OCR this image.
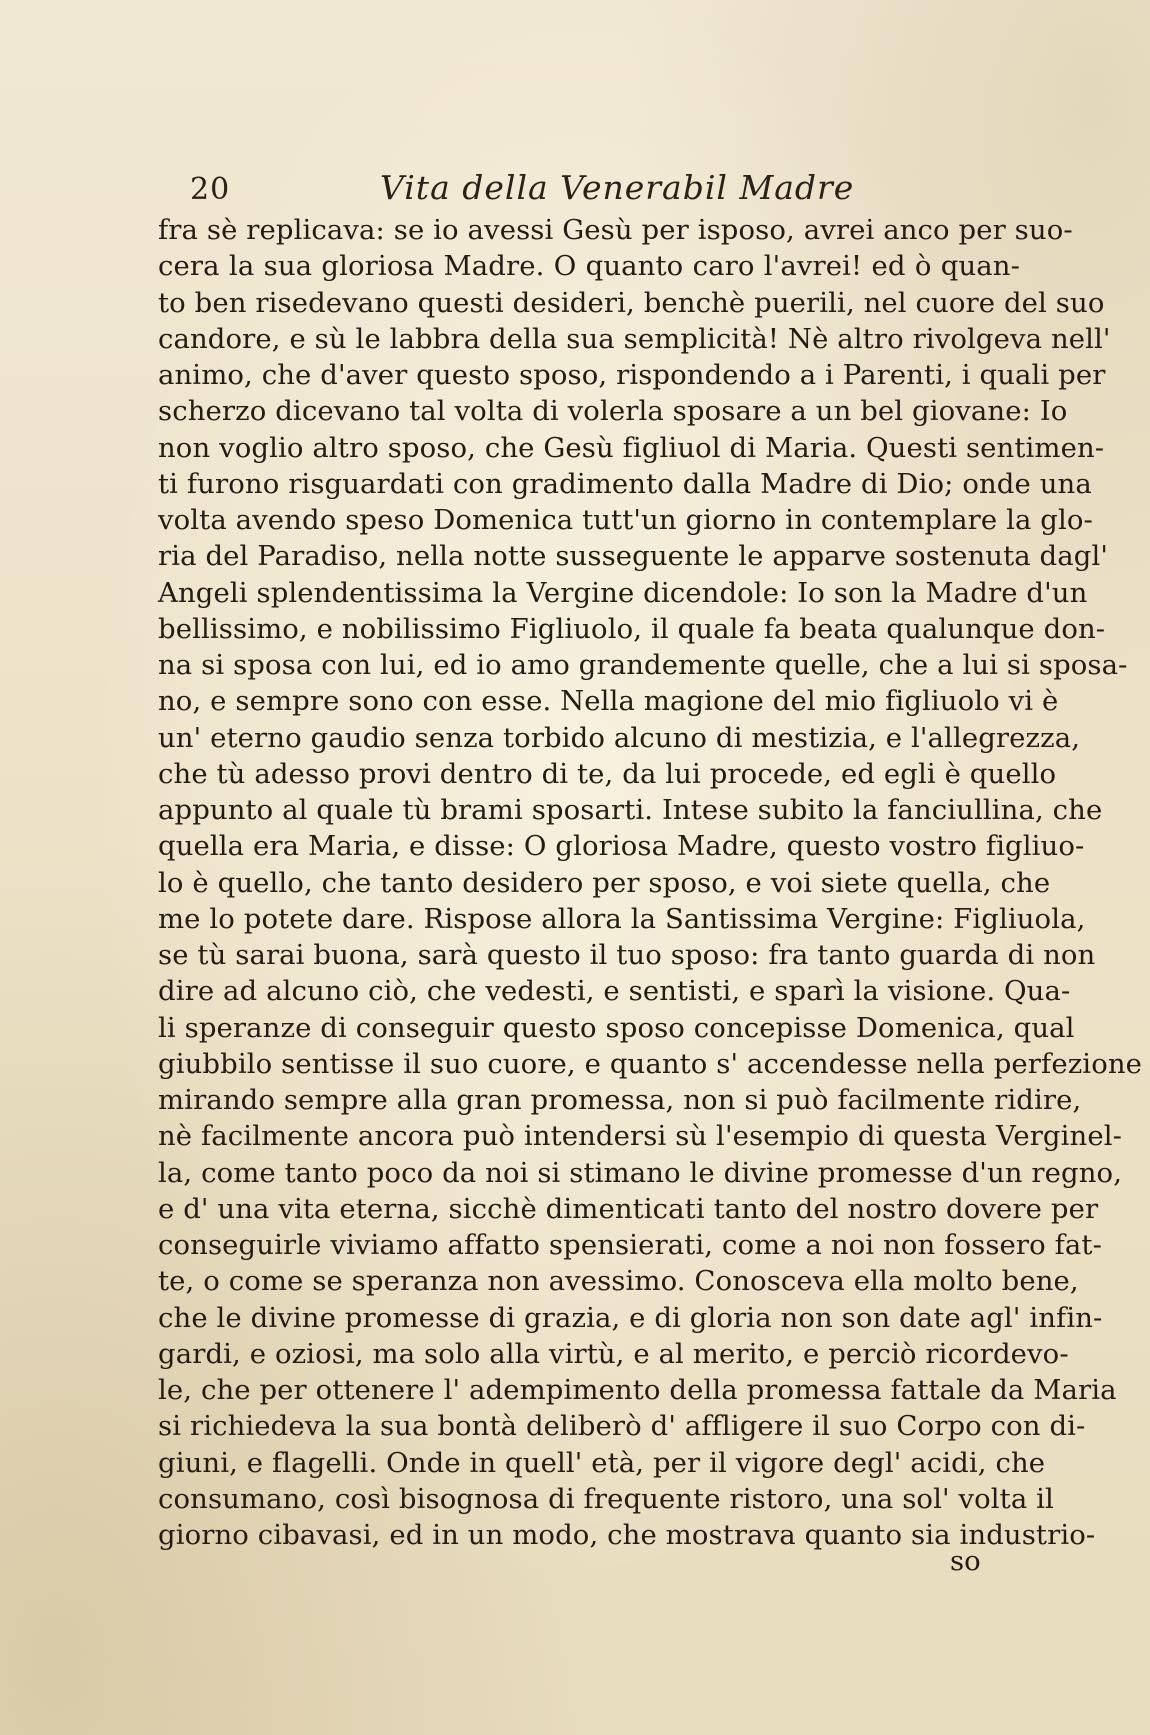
20	Vita della Venerabil Madre
fra sè replicava: se io avessi Gesù per isposo, avrei anco per suo-
cera la sua gloriosa Madre. O quanto caro l'avrei! ed ò quan-
to ben risedevano questi desideri, benchè puerili, nel cuore del suo
candore, e sù le labbra della sua semplicità! Nè altro rivolgeva nell'
animo, che d'aver questo sposo, rispondendo a i Parenti, i quali per
scherzo dicevano tal volta di volerla sposare a un bel giovane: Io
non voglio altro sposo, che Gesù figliuol di Maria. Questi sentimen-
ti furono risguardati con gradimento dalla Madre di Dio; onde una
volta avendo speso Domenica tutt'un giorno in contemplare la glo-
ria del Paradiso, nella notte susseguente le apparve sostenuta dagl'
Angeli splendentissima la Vergine dicendole: Io son la Madre d'un
bellissimo, e nobilissimo Figliuolo, il quale fa beata qualunque don-
na si sposa con lui, ed io amo grandemente quelle, che a lui si sposa-
no, e sempre sono con esse. Nella magione del mio figliuolo vi è
un' eterno gaudio senza torbido alcuno di mestizia, e l'allegrezza,
che tù adesso provi dentro di te, da lui procede, ed egli è quello
appunto al quale tù brami sposarti. Intese subito la fanciullina, che
quella era Maria, e disse: O gloriosa Madre, questo vostro figliuo-
lo è quello, che tanto desidero per sposo, e voi siete quella, che
me lo potete dare. Rispose allora la Santissima Vergine: Figliuola,
se tù sarai buona, sarà questo il tuo sposo: fra tanto guarda di non
dire ad alcuno ciò, che vedesti, e sentisti, e sparì la visione. Qua-
li speranze di conseguir questo sposo concepisse Domenica, qual
giubbilo sentisse il suo cuore, e quanto s' accendesse nella perfezione
mirando sempre alla gran promessa, non si può facilmente ridire,
nè facilmente ancora può intendersi sù l'esempio di questa Verginel-
la, come tanto poco da noi si stimano le divine promesse d'un regno,
e d' una vita eterna, sicchè dimenticati tanto del nostro dovere per
conseguirle viviamo affatto spensierati, come a noi non fossero fat-
te, o come se speranza non avessimo. Conosceva ella molto bene,
che le divine promesse di grazia, e di gloria non son date agl' infin-
gardi, e oziosi, ma solo alla virtù, e al merito, e perciò ricordevo-
le, che per ottenere l' adempimento della promessa fattale da Maria
si richiedeva la sua bontà deliberò d' affligere il suo Corpo con di-
giuni, e flagelli. Onde in quell' età, per il vigore degl' acidi, che
consumano, così bisognosa di frequente ristoro, una sol' volta il
giorno cibavasi, ed in un modo, che mostrava quanto sia industrio-
so
